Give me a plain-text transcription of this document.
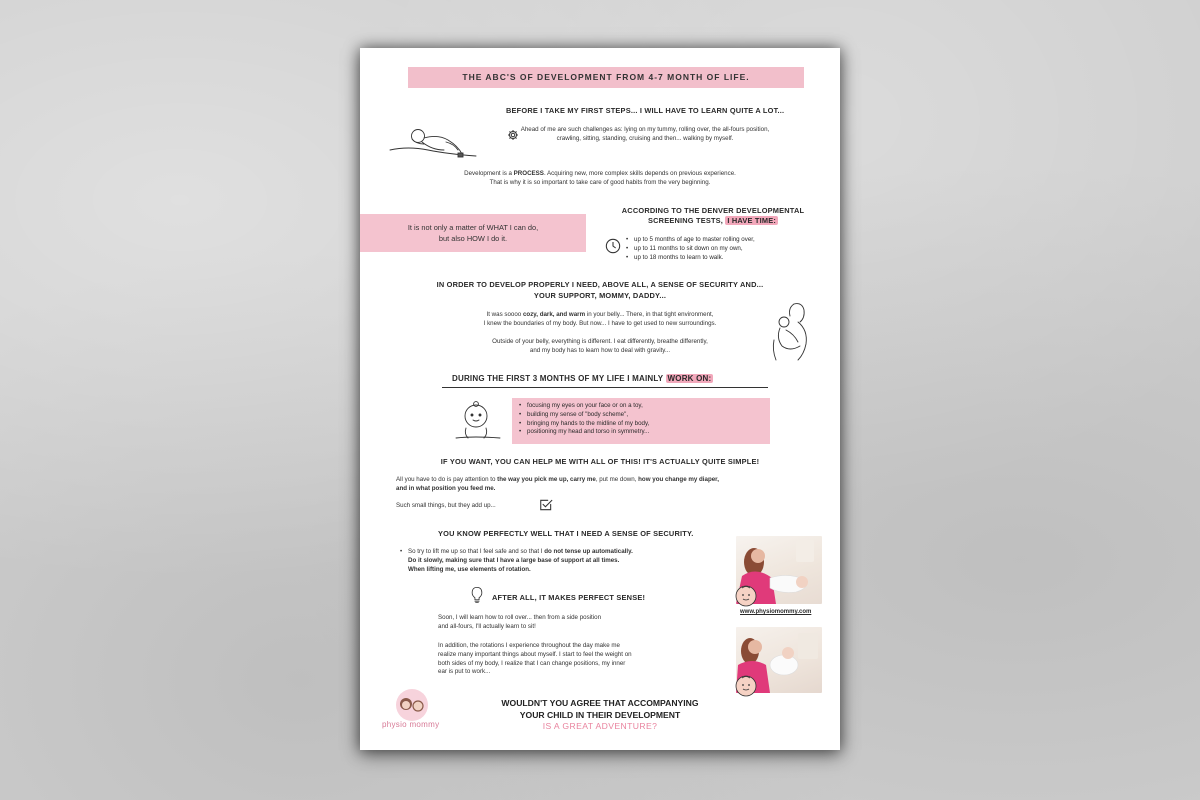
THE ABC'S OF DEVELOPMENT FROM 4-7 MONTH OF LIFE.
BEFORE I TAKE MY FIRST STEPS... I WILL HAVE TO LEARN QUITE A LOT...
Ahead of me are such challenges as: lying on my tummy, rolling over, the all-fours position, crawling, sitting, standing, cruising and then... walking by myself.
Development is a PROCESS. Acquiring new, more complex skills depends on previous experience.
That is why it is so important to take care of good habits from the very beginning.
It is not only a matter of WHAT I can do,
but also HOW I do it.
ACCORDING TO THE DENVER DEVELOPMENTAL
SCREENING TESTS, I HAVE TIME:
• up to 5 months of age to master rolling over,
• up to 11 months to sit down on my own,
• up to 18 months to learn to walk.
IN ORDER TO DEVELOP PROPERLY I NEED, ABOVE ALL, A SENSE OF SECURITY AND...
YOUR SUPPORT, MOMMY, DADDY...
It was soooo cozy, dark, and warm in your belly... There, in that tight environment,
I knew the boundaries of my body. But now... I have to get used to new surroundings.
Outside of your belly, everything is different. I eat differently, breathe differently,
and my body has to learn how to deal with gravity...
DURING THE FIRST 3 MONTHS OF MY LIFE I MAINLY WORK ON:
• focusing my eyes on your face or on a toy,
• building my sense of "body scheme",
• bringing my hands to the midline of my body,
• positioning my head and torso in symmetry...
IF YOU WANT, YOU CAN HELP ME WITH ALL OF THIS! IT'S ACTUALLY QUITE SIMPLE!
All you have to do is pay attention to the way you pick me up, carry me, put me down, how you change my diaper,
and in what position you feed me.
Such small things, but they add up...
YOU KNOW PERFECTLY WELL THAT I NEED A SENSE OF SECURITY.
• So try to lift me up so that I feel safe and so that I do not tense up automatically.
Do it slowly, making sure that I have a large base of support at all times.
When lifting me, use elements of rotation.
AFTER ALL, IT MAKES PERFECT SENSE!
Soon, I will learn how to roll over... then from a side position
and all-fours, I'll actually learn to sit!
In addition, the rotations I experience throughout the day make me
realize many important things about myself. I start to feel the weight on
both sides of my body, I realize that I can change positions, my inner
ear is put to work...
www.physiomommy.com
physio mommy
WOULDN'T YOU AGREE THAT ACCOMPANYING
YOUR CHILD IN THEIR DEVELOPMENT
IS A GREAT ADVENTURE?
